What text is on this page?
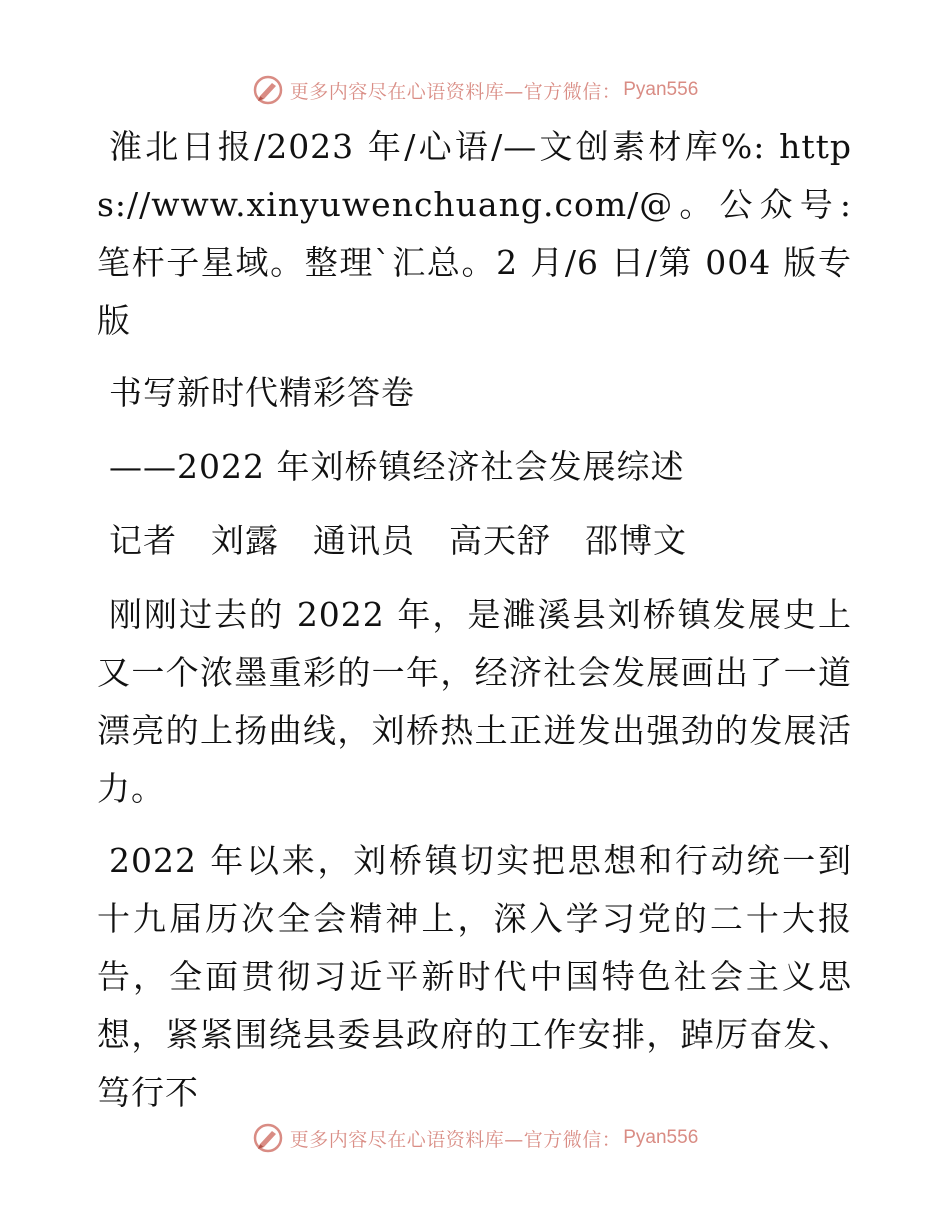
更多内容尽在心语资料库—官方微信： Pyan556

淮北日报/2023 年/心语/—文创素材库%: https://www.xinyuwenchuang.com/@。公众号: 笔杆子星域。整理`汇总。2 月/6 日/第 004 版专版

书写新时代精彩答卷

——2022 年刘桥镇经济社会发展综述

记者　刘露　通讯员　高天舒　邵博文

刚刚过去的 2022 年，是濉溪县刘桥镇发展史上又一个浓墨重彩的一年，经济社会发展画出了一道漂亮的上扬曲线，刘桥热土正迸发出强劲的发展活力。

2022 年以来，刘桥镇切实把思想和行动统一到十九届历次全会精神上，深入学习党的二十大报告，全面贯彻习近平新时代中国特色社会主义思想，紧紧围绕县委县政府的工作安排，踔厉奋发、笃行不

更多内容尽在心语资料库—官方微信： Pyan556
